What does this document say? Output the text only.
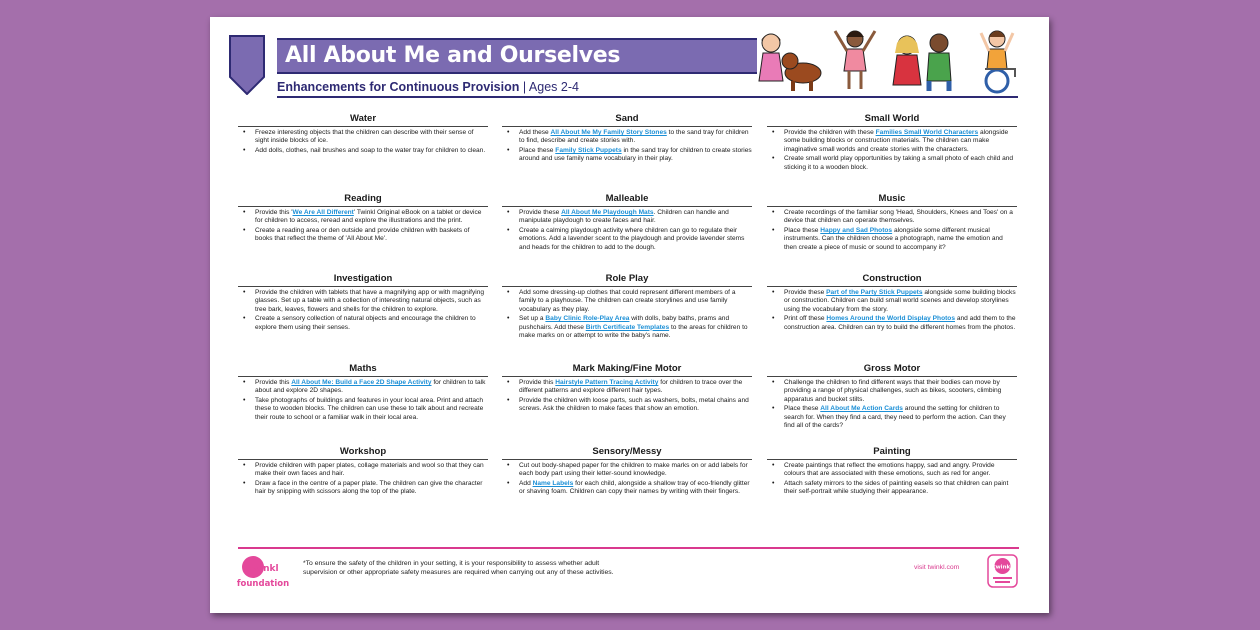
All About Me and Ourselves
Enhancements for Continuous Provision | Ages 2-4
Water
• Freeze interesting objects that the children can describe with their sense of sight inside blocks of ice.
• Add dolls, clothes, nail brushes and soap to the water tray for children to clean.
Sand
• Add these All About Me My Family Story Stones to the sand tray for children to find, describe and create stories with.
• Place these Family Stick Puppets in the sand tray for children to create stories around and use family name vocabulary in their play.
Small World
• Provide the children with these Families Small World Characters alongside some building blocks or construction materials. The children can make imaginative small worlds and create stories with the characters.
• Create small world play opportunities by taking a small photo of each child and sticking it to a wooden block.
Reading
• Provide this 'We Are All Different' Twinkl Original eBook on a tablet or device for children to access, reread and explore the illustrations and the print.
• Create a reading area or den outside and provide children with baskets of books that reflect the theme of 'All About Me'.
Malleable
• Provide these All About Me Playdough Mats. Children can handle and manipulate playdough to create faces and hair.
• Create a calming playdough activity where children can go to regulate their emotions. Add a lavender scent to the playdough and provide lavender stems and heads for the children to add to the dough.
Music
• Create recordings of the familiar song 'Head, Shoulders, Knees and Toes' on a device that children can operate themselves.
• Place these Happy and Sad Photos alongside some different musical instruments. Can the children choose a photograph, name the emotion and then create a piece of music or sound to accompany it?
Investigation
• Provide the children with tablets that have a magnifying app or with magnifying glasses. Set up a table with a collection of interesting natural objects, such as tree bark, leaves, flowers and shells for the children to explore.
• Create a sensory collection of natural objects and encourage the children to explore them using their senses.
Role Play
• Add some dressing-up clothes that could represent different members of a family to a playhouse. The children can create storylines and use family vocabulary as they play.
• Set up a Baby Clinic Role-Play Area with dolls, baby baths, prams and pushchairs. Add these Birth Certificate Templates to the areas for children to make marks on or attempt to write the baby's name.
Construction
• Provide these Part of the Party Stick Puppets alongside some building blocks or construction. Children can build small world scenes and develop storylines using the vocabulary from the story.
• Print off these Homes Around the World Display Photos and add them to the construction area. Children can try to build the different homes from the photos.
Maths
• Provide this All About Me: Build a Face 2D Shape Activity for children to talk about and explore 2D shapes.
• Take photographs of buildings and features in your local area. Print and attach these to wooden blocks. The children can use these to talk about and recreate their route to school or a familiar walk in their local area.
Mark Making/Fine Motor
• Provide this Hairstyle Pattern Tracing Activity for children to trace over the different patterns and explore different hair types.
• Provide the children with loose parts, such as washers, bolts, metal chains and screws. Ask the children to make faces that show an emotion.
Gross Motor
• Challenge the children to find different ways that their bodies can move by providing a range of physical challenges, such as bikes, scooters, climbing apparatus and bucket stilts.
• Place these All About Me Action Cards around the setting for children to search for. When they find a card, they need to perform the action. Can they find all of the cards?
Workshop
• Provide children with paper plates, collage materials and wool so that they can make their own faces and hair.
• Draw a face in the centre of a paper plate. The children can give the character hair by snipping with scissors along the top of the plate.
Sensory/Messy
• Cut out body-shaped paper for the children to make marks on or add labels for each body part using their letter-sound knowledge.
• Add Name Labels for each child, alongside a shallow tray of eco-friendly glitter or shaving foam. Children can copy their names by writing with their fingers.
Painting
• Create paintings that reflect the emotions happy, sad and angry. Provide colours that are associated with these emotions, such as red for anger.
• Attach safety mirrors to the sides of painting easels so that children can paint their self-portrait while studying their appearance.
twinkl
foundation
*To ensure the safety of the children in your setting, it is your responsibility to assess whether adult supervision or other appropriate safety measures are required when carrying out any of these activities.
visit twinkl.com	twinkl
